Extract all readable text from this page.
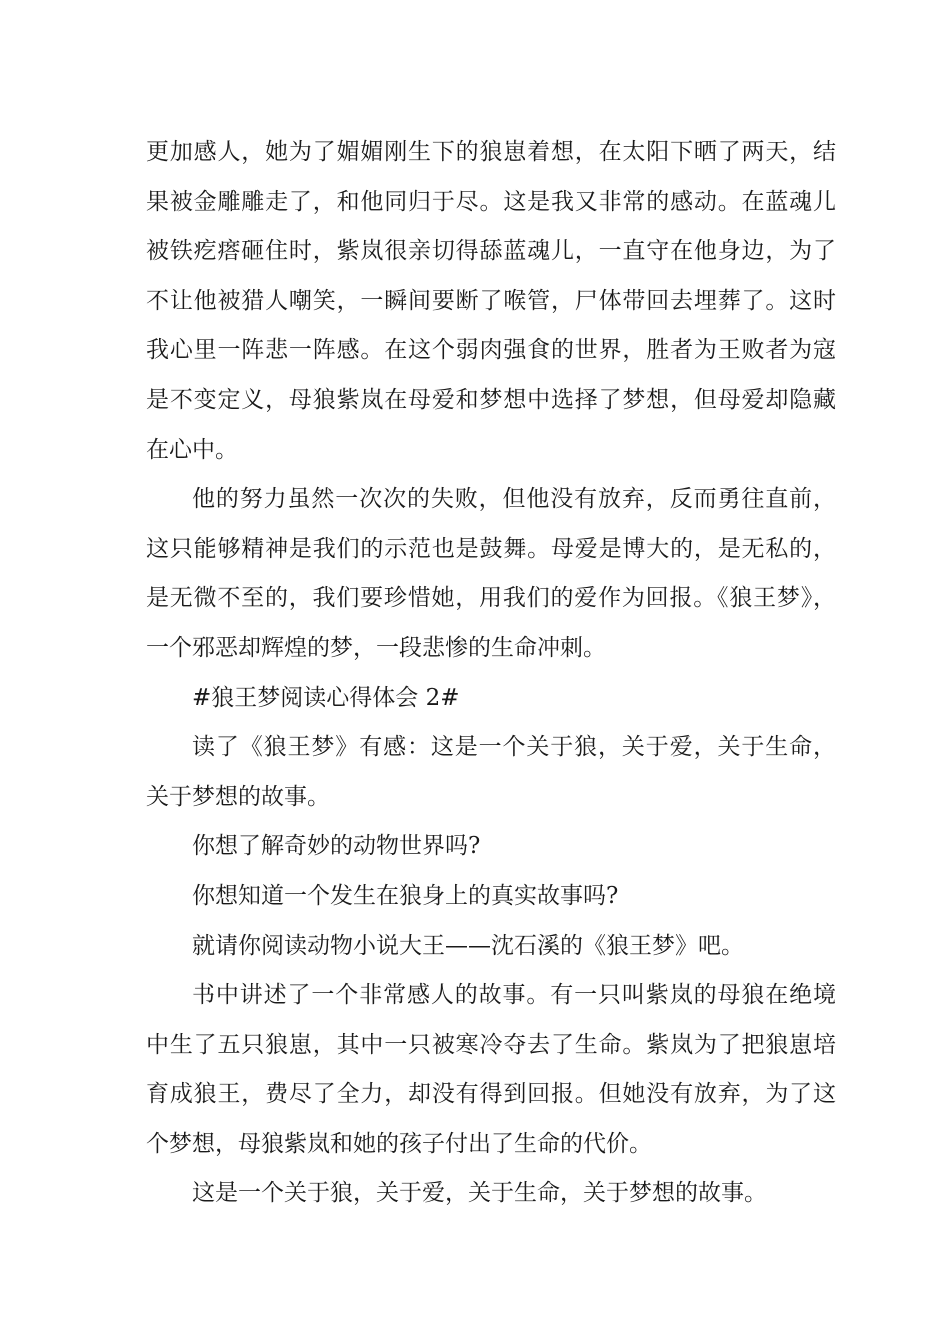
更加感人，她为了媚媚刚生下的狼崽着想，在太阳下晒了两天，结
果被金雕雕走了，和他同归于尽。这是我又非常的感动。在蓝魂儿
被铁疙瘩砸住时，紫岚很亲切得舔蓝魂儿，一直守在他身边，为了
不让他被猎人嘲笑，一瞬间要断了喉管，尸体带回去埋葬了。这时
我心里一阵悲一阵感。在这个弱肉强食的世界，胜者为王败者为寇
是不变定义，母狼紫岚在母爱和梦想中选择了梦想，但母爱却隐藏
在心中。
他的努力虽然一次次的失败，但他没有放弃，反而勇往直前，
这只能够精神是我们的示范也是鼓舞。母爱是博大的，是无私的，
是无微不至的，我们要珍惜她，用我们的爱作为回报。《狼王梦》，
一个邪恶却辉煌的梦，一段悲惨的生命冲刺。
#狼王梦阅读心得体会 2#
读了《狼王梦》有感：这是一个关于狼，关于爱，关于生命，
关于梦想的故事。
你想了解奇妙的动物世界吗?
你想知道一个发生在狼身上的真实故事吗?
就请你阅读动物小说大王——沈石溪的《狼王梦》吧。
书中讲述了一个非常感人的故事。有一只叫紫岚的母狼在绝境
中生了五只狼崽，其中一只被寒冷夺去了生命。紫岚为了把狼崽培
育成狼王，费尽了全力，却没有得到回报。但她没有放弃，为了这
个梦想，母狼紫岚和她的孩子付出了生命的代价。
这是一个关于狼，关于爱，关于生命，关于梦想的故事。
